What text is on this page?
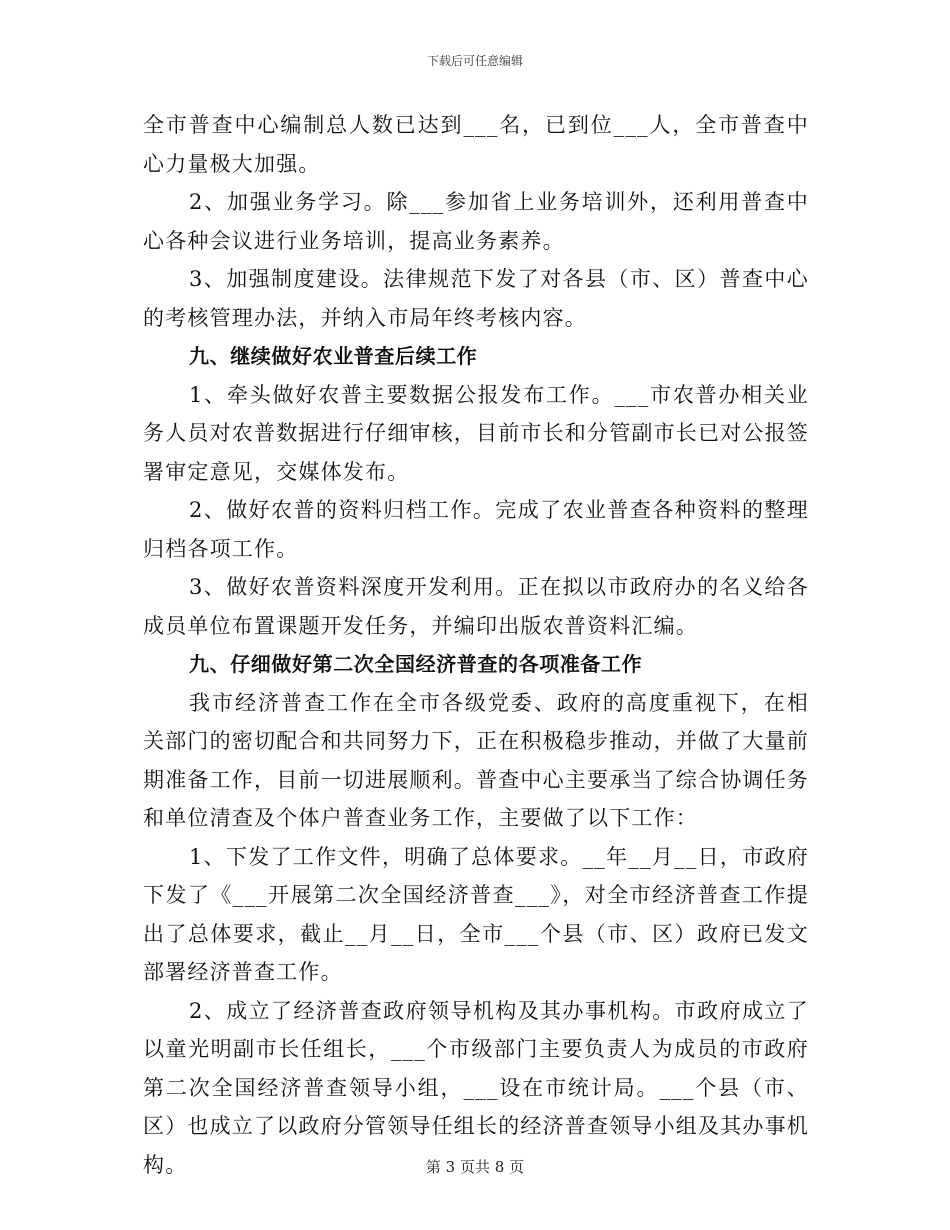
下载后可任意编辑

全市普查中心编制总人数已达到___名，已到位___人，全市普查中心力量极大加强。

2、加强业务学习。除___参加省上业务培训外，还利用普查中心各种会议进行业务培训，提高业务素养。

3、加强制度建设。法律规范下发了对各县（市、区）普查中心的考核管理办法，并纳入市局年终考核内容。

九、继续做好农业普查后续工作

1、牵头做好农普主要数据公报发布工作。___市农普办相关业务人员对农普数据进行仔细审核，目前市长和分管副市长已对公报签署审定意见，交媒体发布。

2、做好农普的资料归档工作。完成了农业普查各种资料的整理归档各项工作。

3、做好农普资料深度开发利用。正在拟以市政府办的名义给各成员单位布置课题开发任务，并编印出版农普资料汇编。

九、仔细做好第二次全国经济普查的各项准备工作

我市经济普查工作在全市各级党委、政府的高度重视下，在相关部门的密切配合和共同努力下，正在积极稳步推动，并做了大量前期准备工作，目前一切进展顺利。普查中心主要承当了综合协调任务和单位清查及个体户普查业务工作，主要做了以下工作：

1、下发了工作文件，明确了总体要求。__年__月__日，市政府下发了《___开展第二次全国经济普查___》，对全市经济普查工作提出了总体要求，截止__月__日，全市___个县（市、区）政府已发文部署经济普查工作。

2、成立了经济普查政府领导机构及其办事机构。市政府成立了以童光明副市长任组长，___个市级部门主要负责人为成员的市政府第二次全国经济普查领导小组，___设在市统计局。___个县（市、区）也成立了以政府分管领导任组长的经济普查领导小组及其办事机构。	第 3 页共 8 页
